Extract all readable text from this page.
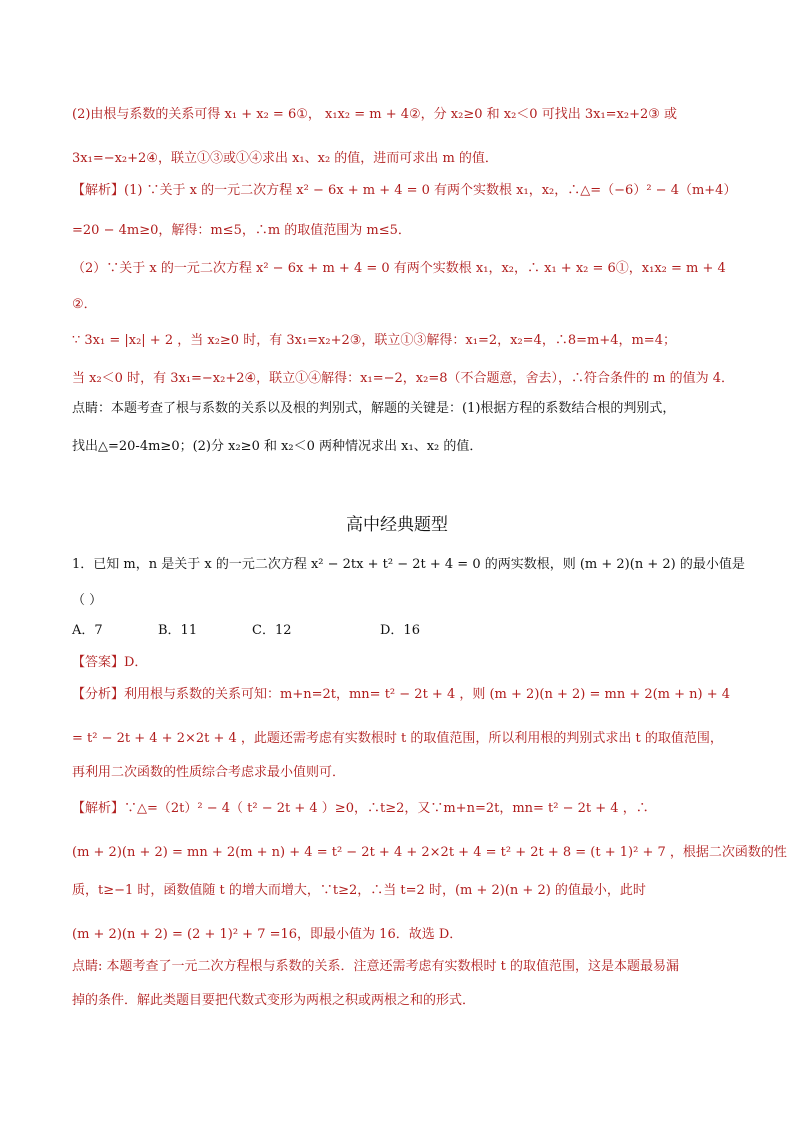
(2)由根与系数的关系可得 x₁ + x₂ = 6①， x₁x₂ = m + 4②，分 x₂≥0 和 x₂＜0 可找出 3x₁=x₂+2③ 或
3x₁=−x₂+2④，联立①③或①④求出 x₁、x₂ 的值，进而可求出 m 的值．
【解析】(1) ∵关于 x 的一元二次方程 x² − 6x + m + 4 = 0 有两个实数根 x₁，x₂，∴△=（−6）² − 4（m+4）
=20 − 4m≥0，解得：m≤5，∴m 的取值范围为 m≤5．
（2）∵关于 x 的一元二次方程 x² − 6x + m + 4 = 0 有两个实数根 x₁，x₂，∴ x₁ + x₂ = 6①，x₁x₂ = m + 4
②．
∵ 3x₁ = |x₂| + 2 ，当 x₂≥0 时，有 3x₁=x₂+2③，联立①③解得：x₁=2，x₂=4，∴8=m+4，m=4；
当 x₂＜0 时，有 3x₁=−x₂+2④，联立①④解得：x₁=−2，x₂=8（不合题意，舍去），∴符合条件的 m 的值为 4．
点睛：本题考查了根与系数的关系以及根的判别式，解题的关键是：(1)根据方程的系数结合根的判别式，
找出△=20-4m≥0；(2)分 x₂≥0 和 x₂＜0 两种情况求出 x₁、x₂ 的值．
高中经典题型
1．已知 m，n 是关于 x 的一元二次方程 x² − 2tx + t² − 2t + 4 = 0 的两实数根，则 (m + 2)(n + 2) 的最小值是
（ ）
A．7	B．11	C．12	D．16
【答案】D．
【分析】利用根与系数的关系可知：m+n=2t，mn= t² − 2t + 4 ，则 (m + 2)(n + 2) = mn + 2(m + n) + 4
= t² − 2t + 4 + 2×2t + 4 ，此题还需考虑有实数根时 t 的取值范围，所以利用根的判别式求出 t 的取值范围，
再利用二次函数的性质综合考虑求最小值则可．
【解析】∵△=（2t）² − 4（ t² − 2t + 4 ）≥0，∴t≥2，又∵m+n=2t，mn= t² − 2t + 4 ，∴
(m + 2)(n + 2) = mn + 2(m + n) + 4 = t² − 2t + 4 + 2×2t + 4 = t² + 2t + 8 = (t + 1)² + 7 ，根据二次函数的性
质，t≥−1 时，函数值随 t 的增大而增大，∵t≥2，∴当 t=2 时，(m + 2)(n + 2) 的值最小，此时
(m + 2)(n + 2) = (2 + 1)² + 7 =16，即最小值为 16．故选 D．
点睛: 本题考查了一元二次方程根与系数的关系．注意还需考虑有实数根时 t 的取值范围，这是本题最易漏
掉的条件．解此类题目要把代数式变形为两根之积或两根之和的形式．
